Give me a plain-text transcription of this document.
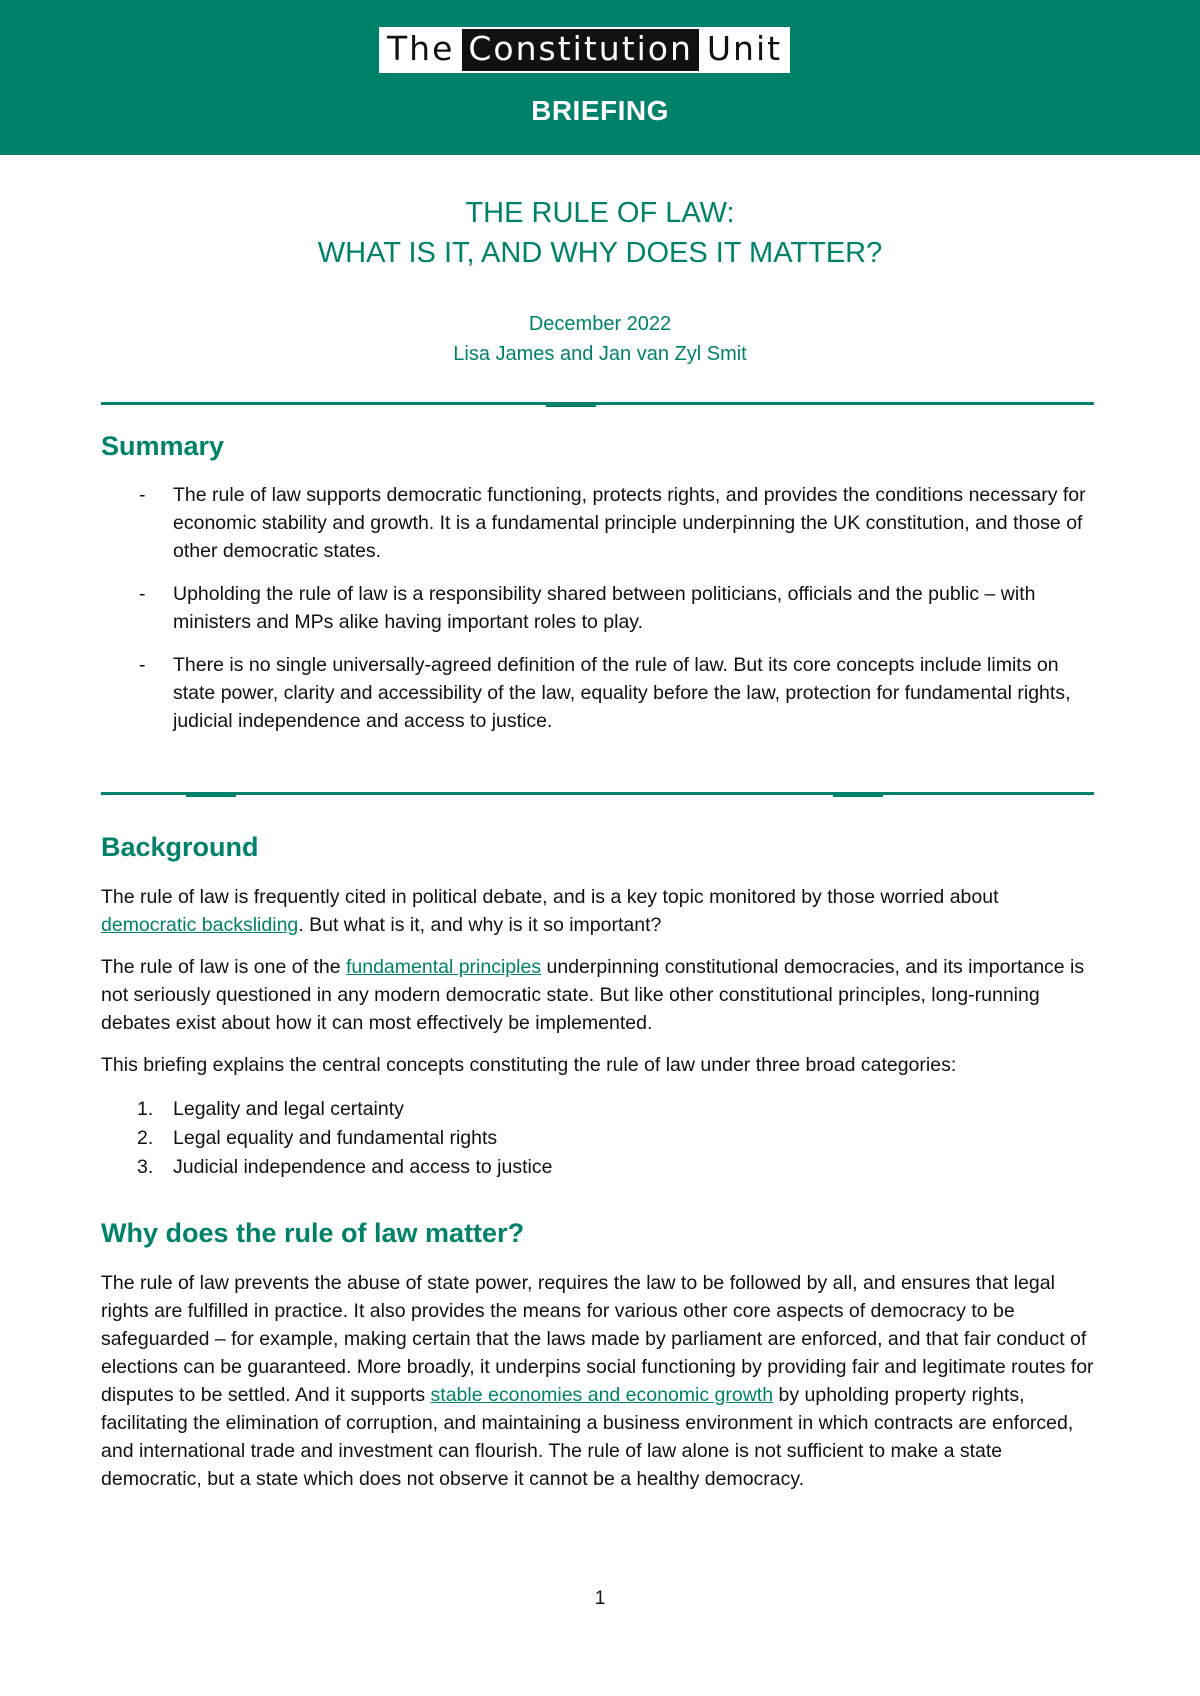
The Constitution Unit
BRIEFING
THE RULE OF LAW:
WHAT IS IT, AND WHY DOES IT MATTER?
December 2022
Lisa James and Jan van Zyl Smit
Summary
- The rule of law supports democratic functioning, protects rights, and provides the conditions necessary for economic stability and growth. It is a fundamental principle underpinning the UK constitution, and those of other democratic states.
- Upholding the rule of law is a responsibility shared between politicians, officials and the public – with ministers and MPs alike having important roles to play.
- There is no single universally-agreed definition of the rule of law. But its core concepts include limits on state power, clarity and accessibility of the law, equality before the law, protection for fundamental rights, judicial independence and access to justice.
Background

The rule of law is frequently cited in political debate, and is a key topic monitored by those worried about democratic backsliding. But what is it, and why is it so important?

The rule of law is one of the fundamental principles underpinning constitutional democracies, and its importance is not seriously questioned in any modern democratic state. But like other constitutional principles, long-running debates exist about how it can most effectively be implemented.

This briefing explains the central concepts constituting the rule of law under three broad categories:

1. Legality and legal certainty
2. Legal equality and fundamental rights
3. Judicial independence and access to justice
Why does the rule of law matter?

The rule of law prevents the abuse of state power, requires the law to be followed by all, and ensures that legal rights are fulfilled in practice. It also provides the means for various other core aspects of democracy to be safeguarded – for example, making certain that the laws made by parliament are enforced, and that fair conduct of elections can be guaranteed. More broadly, it underpins social functioning by providing fair and legitimate routes for disputes to be settled. And it supports stable economies and economic growth by upholding property rights, facilitating the elimination of corruption, and maintaining a business environment in which contracts are enforced, and international trade and investment can flourish. The rule of law alone is not sufficient to make a state democratic, but a state which does not observe it cannot be a healthy democracy.

1
